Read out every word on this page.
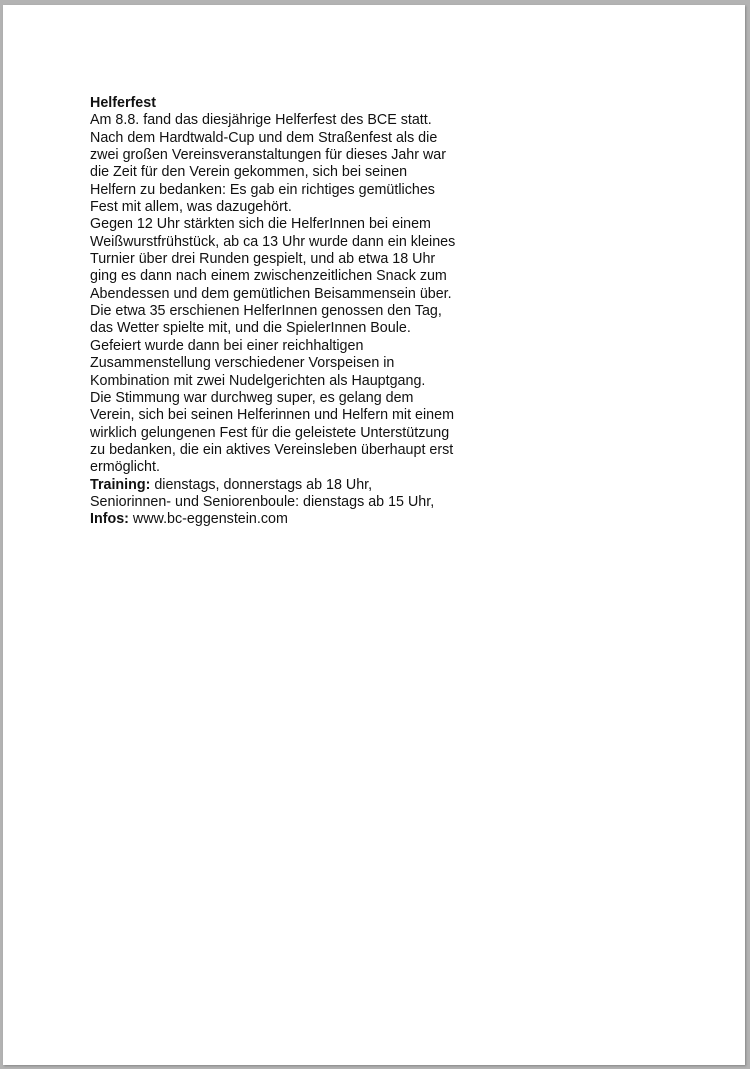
Helferfest
Am 8.8. fand das diesjährige Helferfest des BCE statt.
Nach dem Hardtwald-Cup und dem Straßenfest als die
zwei großen Vereinsveranstaltungen für dieses Jahr war
die Zeit für den Verein gekommen, sich bei seinen
Helfern zu bedanken: Es gab ein richtiges gemütliches
Fest mit allem, was dazugehört.
Gegen 12 Uhr stärkten sich die HelferInnen bei einem
Weißwurstfrühstück, ab ca 13 Uhr wurde dann ein kleines
Turnier über drei Runden gespielt, und ab etwa 18 Uhr
ging es dann nach einem zwischenzeitlichen Snack zum
Abendessen und dem gemütlichen Beisammensein über.
Die etwa 35 erschienen HelferInnen genossen den Tag,
das Wetter spielte mit, und die SpielerInnen Boule.
Gefeiert wurde dann bei einer reichhaltigen
Zusammenstellung verschiedener Vorspeisen in
Kombination mit zwei Nudelgerichten als Hauptgang.
Die Stimmung war durchweg super, es gelang dem
Verein, sich bei seinen Helferinnen und Helfern mit einem
wirklich gelungenen Fest für die geleistete Unterstützung
zu bedanken, die ein aktives Vereinsleben überhaupt erst
ermöglicht.
Training: dienstags, donnerstags ab 18 Uhr,
Seniorinnen- und Seniorenboule: dienstags ab 15 Uhr,
Infos: www.bc-eggenstein.com
